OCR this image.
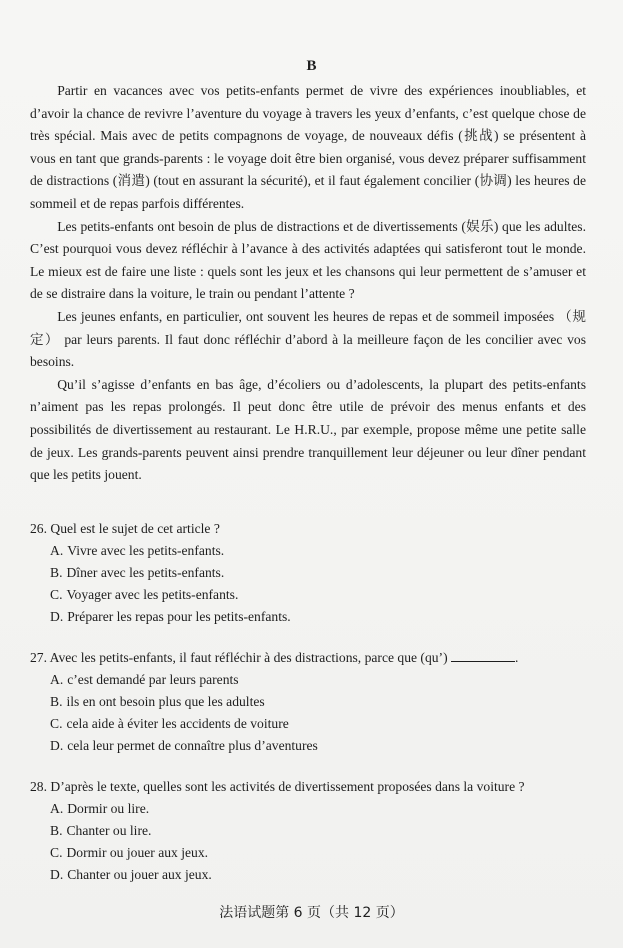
B

Partir en vacances avec vos petits-enfants permet de vivre des expériences inoubliables, et d’avoir la chance de revivre l’aventure du voyage à travers les yeux d’enfants, c’est quelque chose de très spécial. Mais avec de petits compagnons de voyage, de nouveaux défis (挑战) se présentent à vous en tant que grands-parents : le voyage doit être bien organisé, vous devez préparer suffisamment de distractions (消遣) (tout en assurant la sécurité), et il faut également concilier (协调) les heures de sommeil et de repas parfois différentes.

Les petits-enfants ont besoin de plus de distractions et de divertissements (娱乐) que les adultes. C’est pourquoi vous devez réfléchir à l’avance à des activités adaptées qui satisferont tout le monde. Le mieux est de faire une liste : quels sont les jeux et les chansons qui leur permettent de s’amuser et de se distraire dans la voiture, le train ou pendant l’attente ?

Les jeunes enfants, en particulier, ont souvent les heures de repas et de sommeil imposées （规定） par leurs parents. Il faut donc réfléchir d’abord à la meilleure façon de les concilier avec vos besoins.

Qu’il s’agisse d’enfants en bas âge, d’écoliers ou d’adolescents, la plupart des petits-enfants n’aiment pas les repas prolongés. Il peut donc être utile de prévoir des menus enfants et des possibilités de divertissement au restaurant. Le H.R.U., par exemple, propose même une petite salle de jeux. Les grands-parents peuvent ainsi prendre tranquillement leur déjeuner ou leur dîner pendant que les petits jouent.

26. Quel est le sujet de cet article ?
A. Vivre avec les petits-enfants.
B. Dîner avec les petits-enfants.
C. Voyager avec les petits-enfants.
D. Préparer les repas pour les petits-enfants.
27. Avec les petits-enfants, il faut réfléchir à des distractions, parce que (qu’)	.
A. c’est demandé par leurs parents
B. ils en ont besoin plus que les adultes
C. cela aide à éviter les accidents de voiture
D. cela leur permet de connaître plus d’aventures
28. D’après le texte, quelles sont les activités de divertissement proposées dans la voiture ?
A. Dormir ou lire.
B. Chanter ou lire.
C. Dormir ou jouer aux jeux.
D. Chanter ou jouer aux jeux.
法语试题第 6 页（共 12 页）
